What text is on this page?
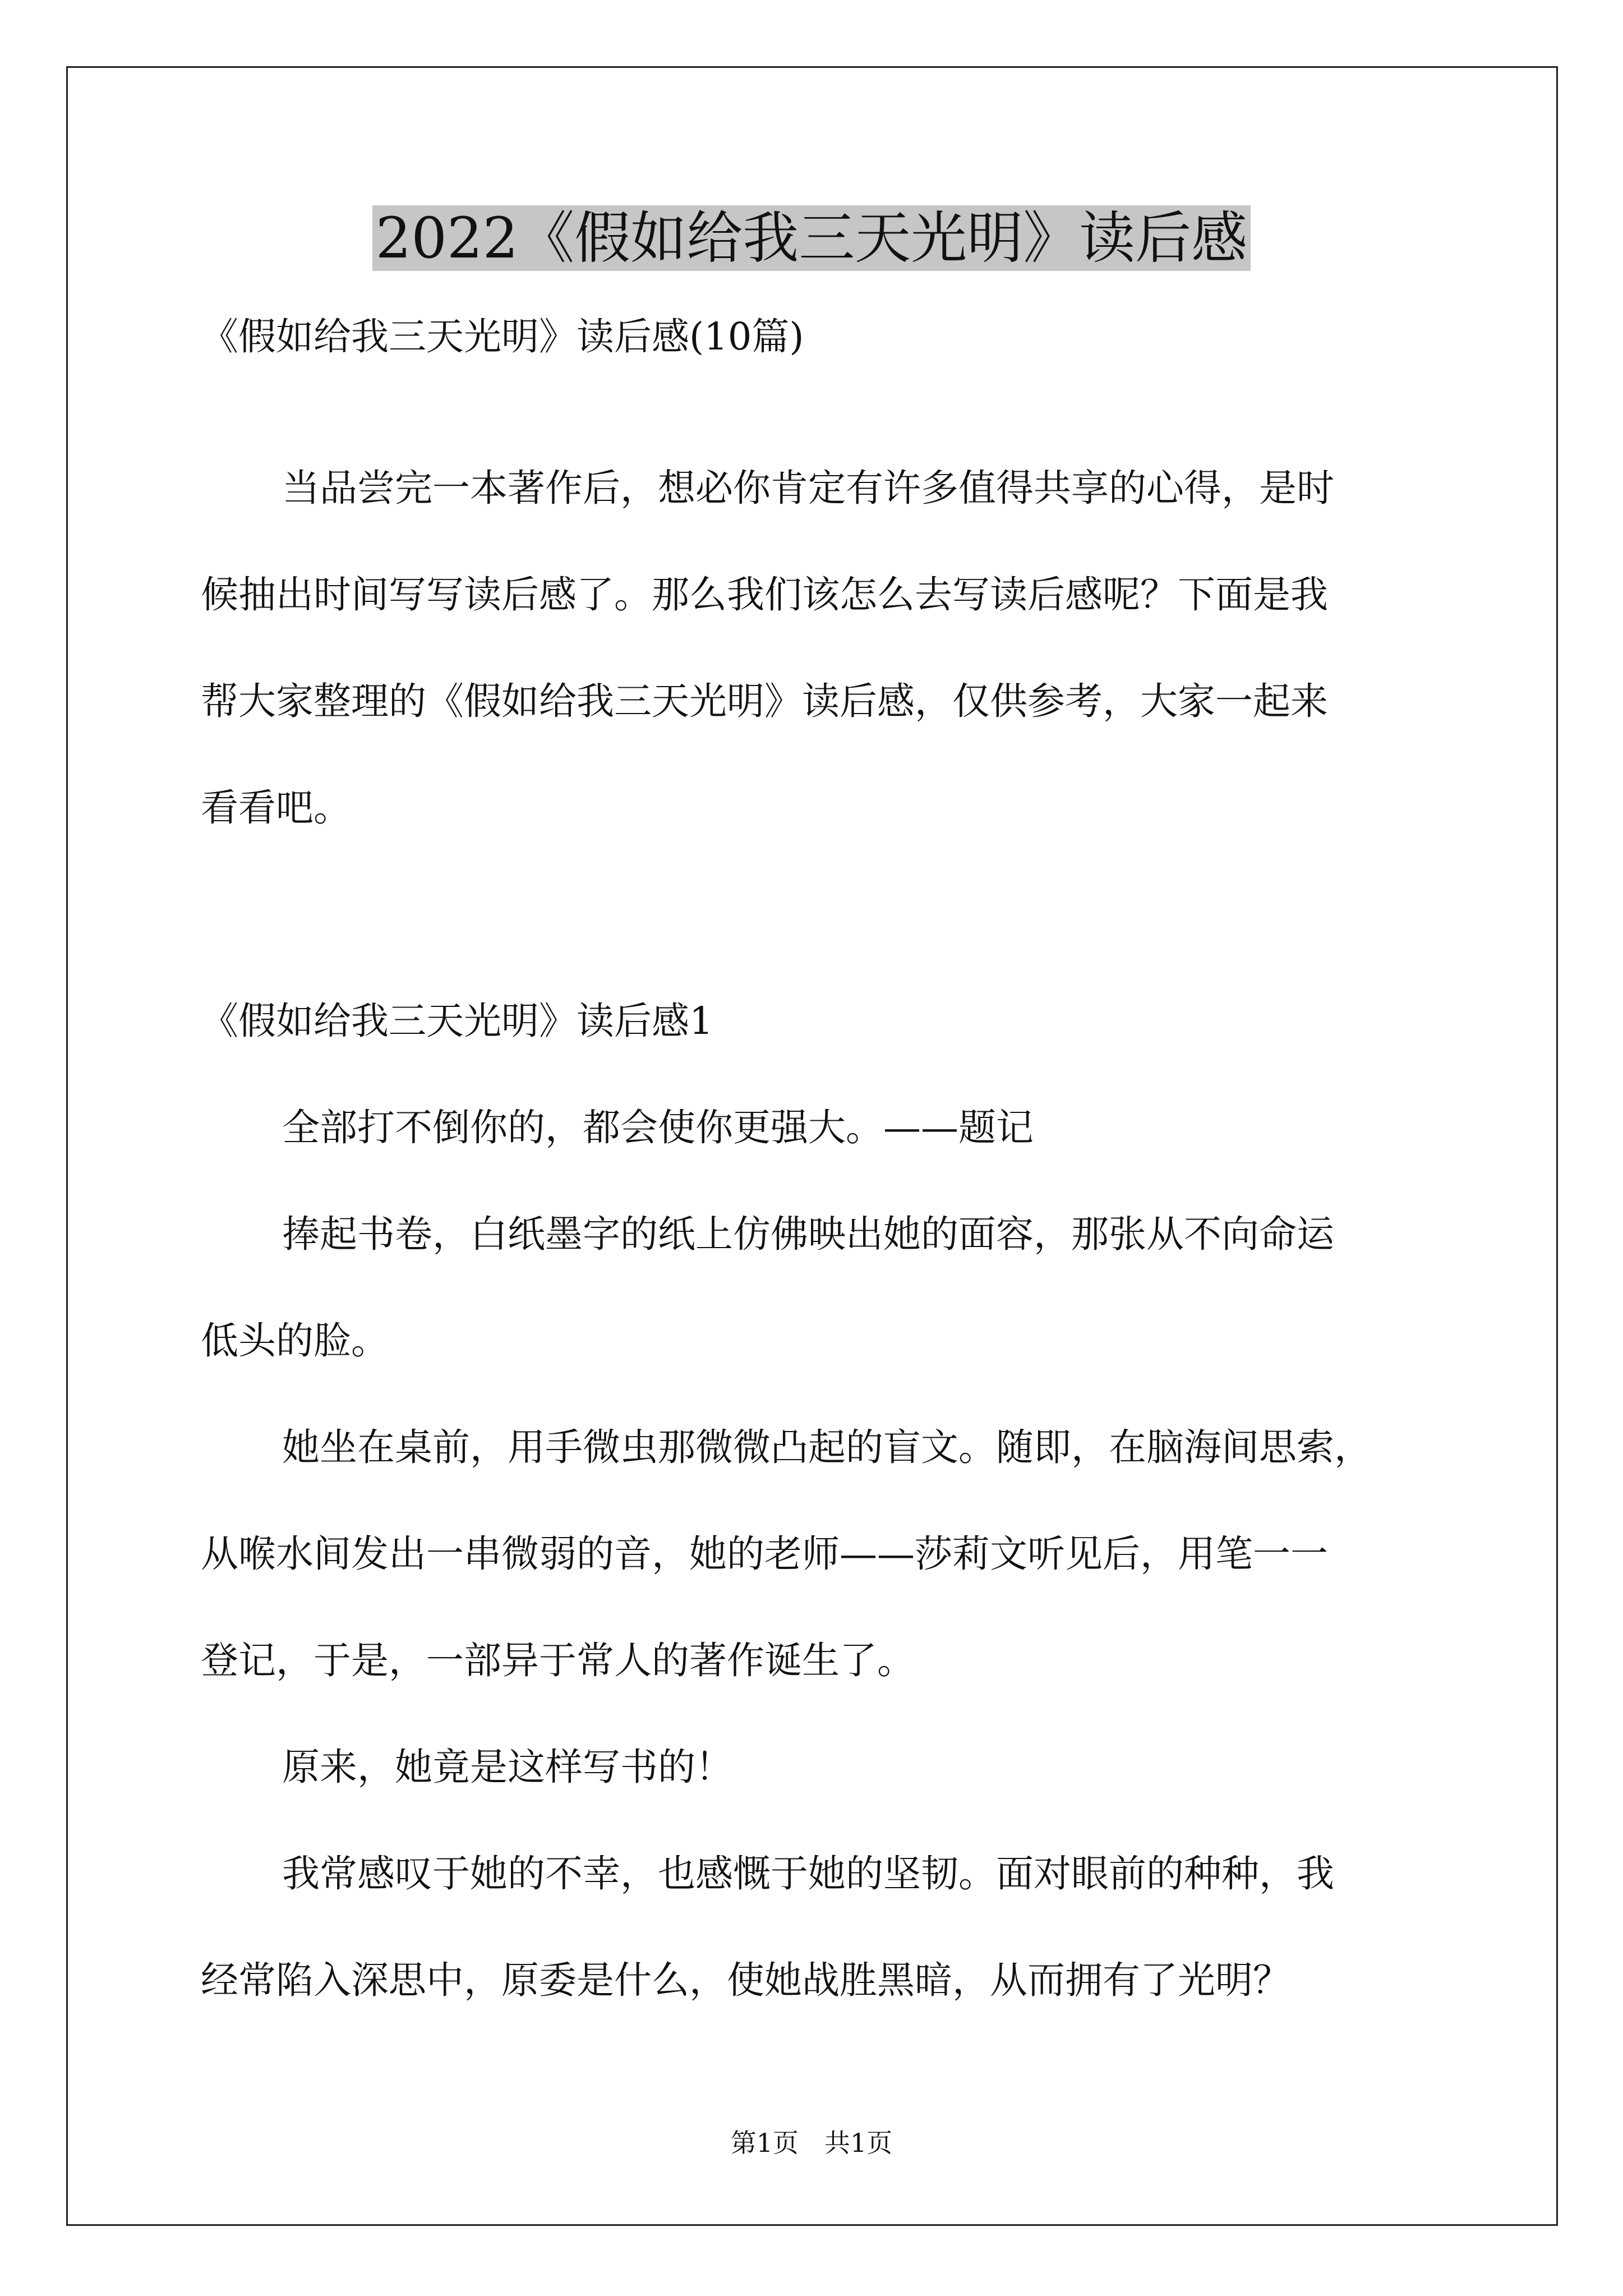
2022《假如给我三天光明》读后感

《假如给我三天光明》读后感(10篇)

当品尝完一本著作后，想必你肯定有许多值得共享的心得，是时

候抽出时间写写读后感了。那么我们该怎么去写读后感呢？下面是我

帮大家整理的《假如给我三天光明》读后感，仅供参考，大家一起来

看看吧。

《假如给我三天光明》读后感1

全部打不倒你的，都会使你更强大。——题记

捧起书卷，白纸墨字的纸上仿佛映出她的面容，那张从不向命运

低头的脸。

她坐在桌前，用手微虫那微微凸起的盲文。随即，在脑海间思索，

从喉水间发出一串微弱的音，她的老师——莎莉文听见后，用笔一一

登记，于是，一部异于常人的著作诞生了。

原来，她竟是这样写书的！

我常感叹于她的不幸，也感慨于她的坚韧。面对眼前的种种，我

经常陷入深思中，原委是什么，使她战胜黑暗，从而拥有了光明？

第1页　共1页
